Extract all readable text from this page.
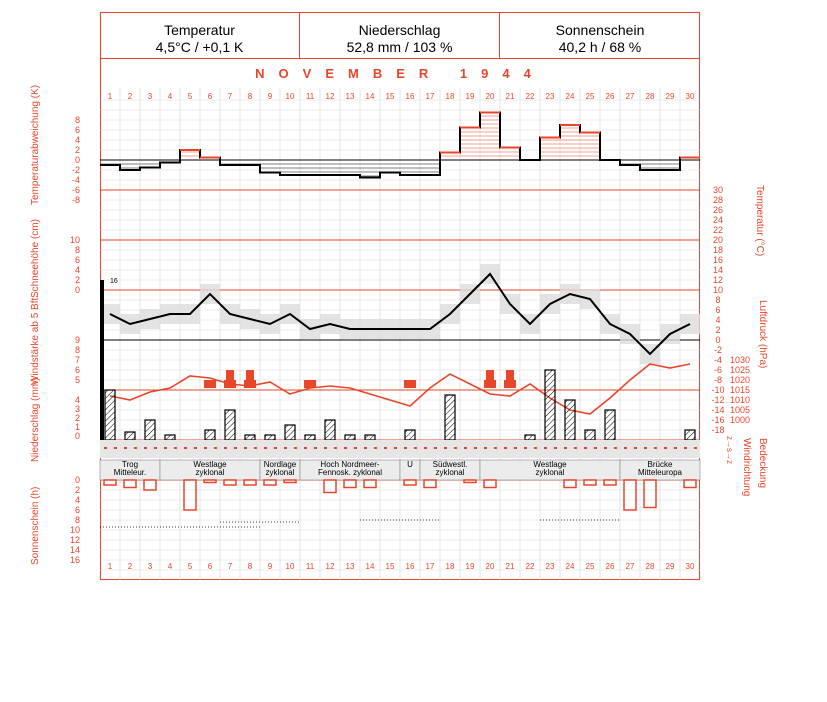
Temperatur
4,5°C / +0,1 K
Niederschlag
52,8 mm / 103 %
Sonnenschein
40,2 h / 68 %
NOVEMBER 1944
1
1
2
2
3
3
4
4
5
5
6
6
7
7
8
8
9
9
10
10
11
11
12
12
13
13
14
14
15
15
16
16
17
17
18
18
19
19
20
20
21
21
22
22
23
23
24
24
25
25
26
26
27
27
28
28
29
29
30
30
8
6
4
2
0
-2
-4
-6
-8
10
8
6
4
2
0
9
8
7
6
5
4
3
2
1
0
0
2
4
6
8
10
12
14
16
30
28
26
24
22
20
18
16
14
12
10
8
6
4
2
0
-2
-4
-6
-8
-10
-12
-14
-16
-18
1030
1025
1020
1015
1010
1005
1000
16
Trog
Mitteleur.
Westlage
zyklonal
Nordlage
zyklonal
Hoch Nordmeer-
Fennosk. zyklonal
U Südwestl.
zyklonal
Westlage
zyklonal
Brücke
Mitteleuropa
Temperaturabweichung (K)
Schneehöhe (cm)
Windstärke ab 5 Bft.
Niederschlag (mm)
Sonnenschein (h)
Temperatur (°C)
Luftdruck (hPa)
Windrichtung Bedeckung
z→s→z
